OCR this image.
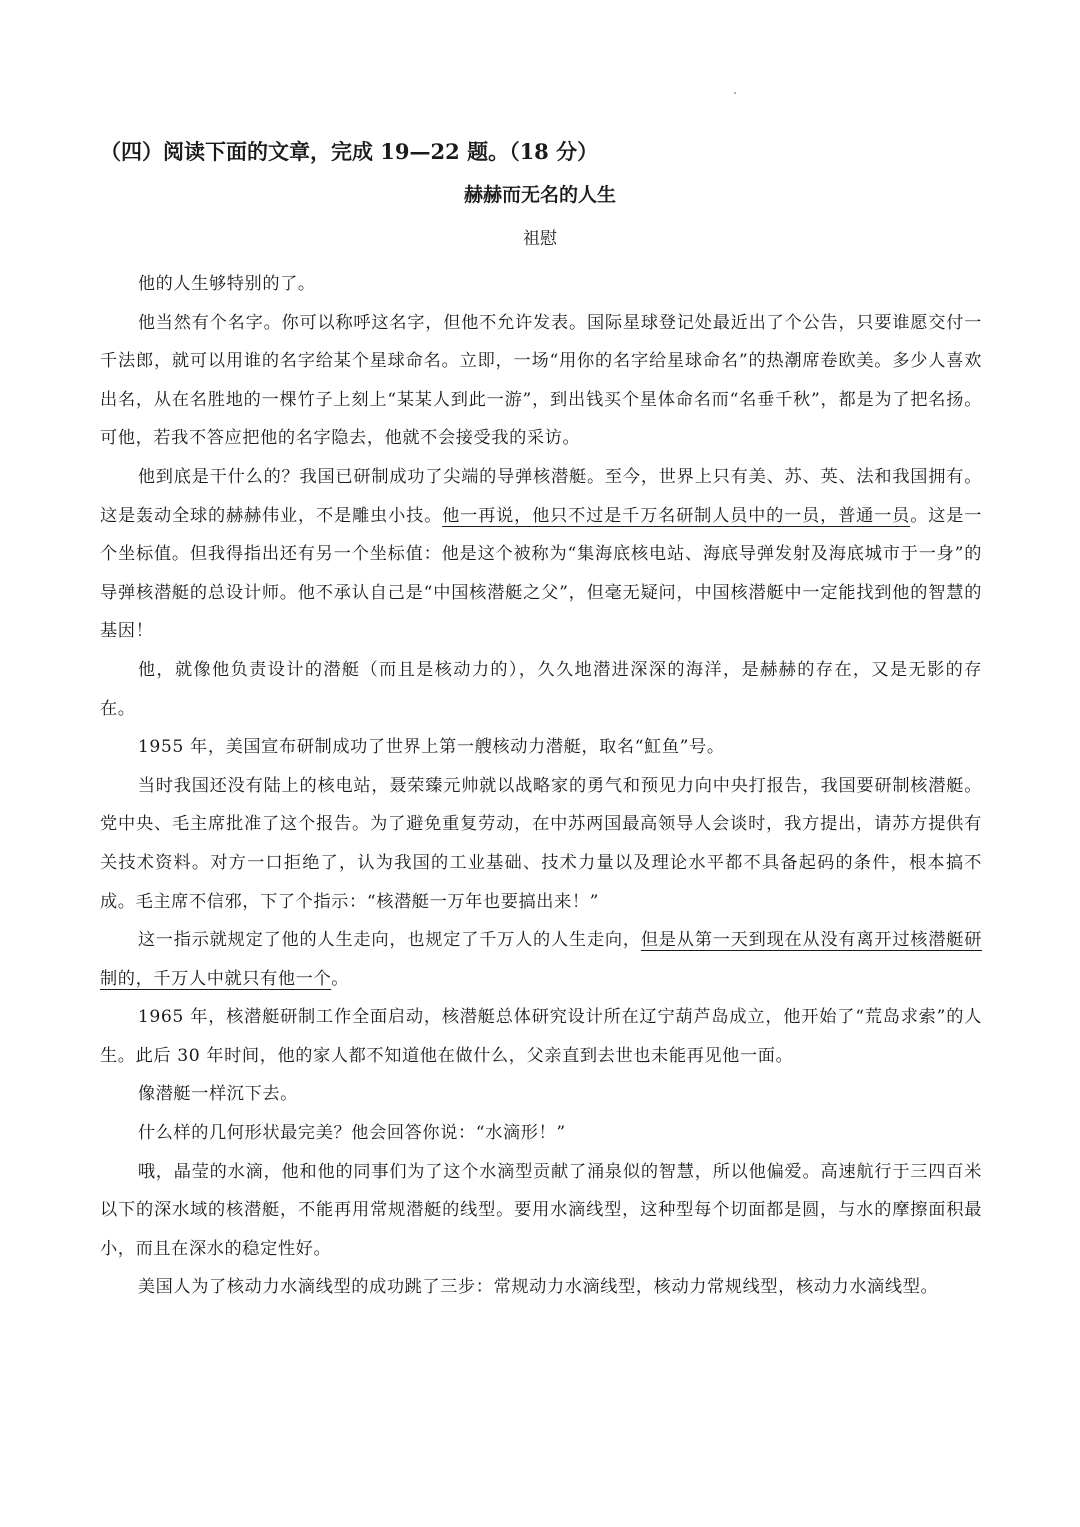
（四）阅读下面的文章，完成 19—22 题。（18 分）
赫赫而无名的人生
祖慰

他的人生够特别的了。

他当然有个名字。你可以称呼这名字，但他不允许发表。国际星球登记处最近出了个公告，只要谁愿交付一千法郎，就可以用谁的名字给某个星球命名。立即，一场“用你的名字给星球命名”的热潮席卷欧美。多少人喜欢出名，从在名胜地的一棵竹子上刻上“某某人到此一游”，到出钱买个星体命名而“名垂千秋”，都是为了把名扬。可他，若我不答应把他的名字隐去，他就不会接受我的采访。

他到底是干什么的？我国已研制成功了尖端的导弹核潜艇。至今，世界上只有美、苏、英、法和我国拥有。这是轰动全球的赫赫伟业，不是雕虫小技。他一再说，他只不过是千万名研制人员中的一员，普通一员。这是一个坐标值。但我得指出还有另一个坐标值：他是这个被称为“集海底核电站、海底导弹发射及海底城市于一身”的导弹核潜艇的总设计师。他不承认自己是“中国核潜艇之父”，但毫无疑问，中国核潜艇中一定能找到他的智慧的基因！

他，就像他负责设计的潜艇（而且是核动力的），久久地潜进深深的海洋，是赫赫的存在，又是无影的存在。

1955 年，美国宣布研制成功了世界上第一艘核动力潜艇，取名“魟鱼”号。

当时我国还没有陆上的核电站，聂荣臻元帅就以战略家的勇气和预见力向中央打报告，我国要研制核潜艇。党中央、毛主席批准了这个报告。为了避免重复劳动，在中苏两国最高领导人会谈时，我方提出，请苏方提供有关技术资料。对方一口拒绝了，认为我国的工业基础、技术力量以及理论水平都不具备起码的条件，根本搞不成。毛主席不信邪，下了个指示：“核潜艇一万年也要搞出来！”

这一指示就规定了他的人生走向，也规定了千万人的人生走向，但是从第一天到现在从没有离开过核潜艇研制的，千万人中就只有他一个。

1965 年，核潜艇研制工作全面启动，核潜艇总体研究设计所在辽宁葫芦岛成立，他开始了“荒岛求索”的人生。此后 30 年时间，他的家人都不知道他在做什么，父亲直到去世也未能再见他一面。

像潜艇一样沉下去。

什么样的几何形状最完美？他会回答你说：“水滴形！”

哦，晶莹的水滴，他和他的同事们为了这个水滴型贡献了涌泉似的智慧，所以他偏爱。高速航行于三四百米以下的深水域的核潜艇，不能再用常规潜艇的线型。要用水滴线型，这种型每个切面都是圆，与水的摩擦面积最小，而且在深水的稳定性好。

美国人为了核动力水滴线型的成功跳了三步：常规动力水滴线型，核动力常规线型，核动力水滴线型。
